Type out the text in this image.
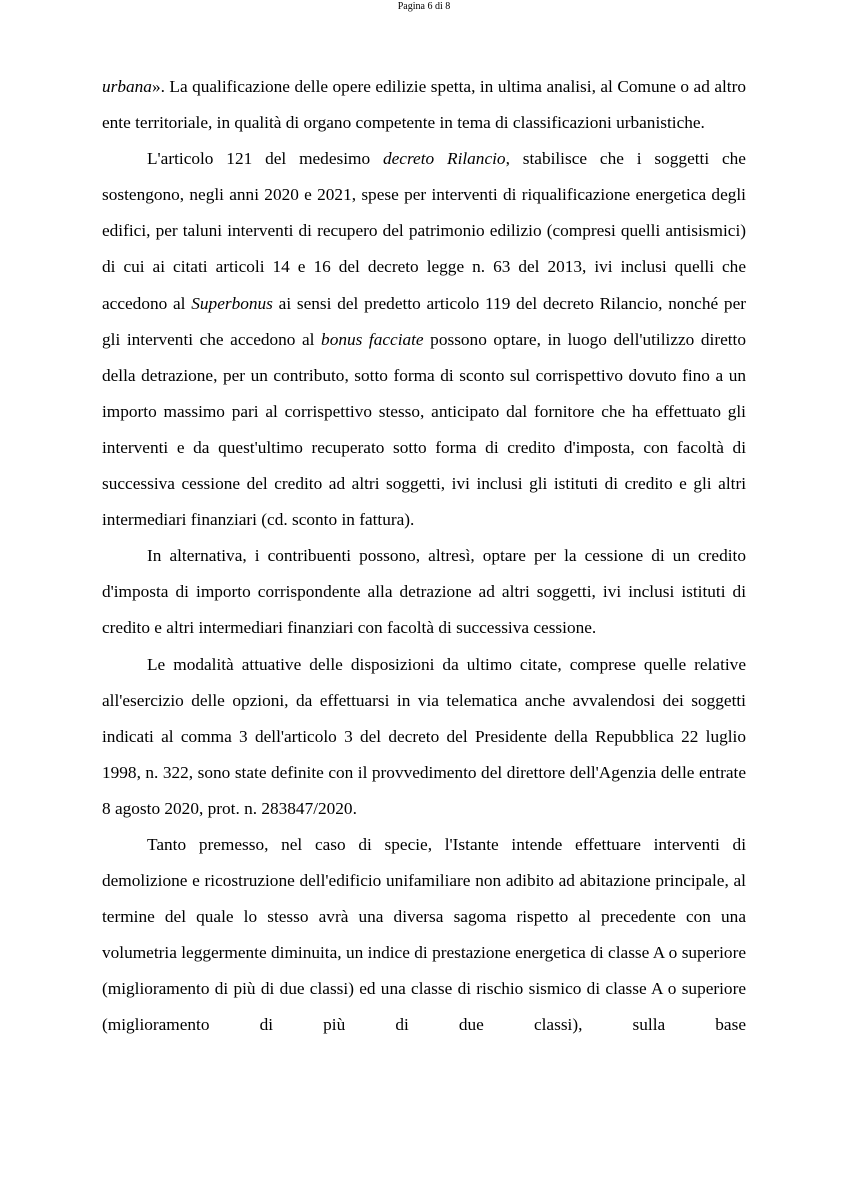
Pagina 6 di 8

urbana». La qualificazione delle opere edilizie spetta, in ultima analisi, al Comune o ad altro ente territoriale, in qualità di organo competente in tema di classificazioni urbanistiche.

L'articolo 121 del medesimo decreto Rilancio, stabilisce che i soggetti che sostengono, negli anni 2020 e 2021, spese per interventi di riqualificazione energetica degli edifici, per taluni interventi di recupero del patrimonio edilizio (compresi quelli antisismici) di cui ai citati articoli 14 e 16 del decreto legge n. 63 del 2013, ivi inclusi quelli che accedono al Superbonus ai sensi del predetto articolo 119 del decreto Rilancio, nonché per gli interventi che accedono al bonus facciate possono optare, in luogo dell'utilizzo diretto della detrazione, per un contributo, sotto forma di sconto sul corrispettivo dovuto fino a un importo massimo pari al corrispettivo stesso, anticipato dal fornitore che ha effettuato gli interventi e da quest'ultimo recuperato sotto forma di credito d'imposta, con facoltà di successiva cessione del credito ad altri soggetti, ivi inclusi gli istituti di credito e gli altri intermediari finanziari (cd. sconto in fattura).

In alternativa, i contribuenti possono, altresì, optare per la cessione di un credito d'imposta di importo corrispondente alla detrazione ad altri soggetti, ivi inclusi istituti di credito e altri intermediari finanziari con facoltà di successiva cessione.

Le modalità attuative delle disposizioni da ultimo citate, comprese quelle relative all'esercizio delle opzioni, da effettuarsi in via telematica anche avvalendosi dei soggetti indicati al comma 3 dell'articolo 3 del decreto del Presidente della Repubblica 22 luglio 1998, n. 322, sono state definite con il provvedimento del direttore dell'Agenzia delle entrate 8 agosto 2020, prot. n. 283847/2020.

Tanto premesso, nel caso di specie, l'Istante intende effettuare interventi di demolizione e ricostruzione dell'edificio unifamiliare non adibito ad abitazione principale, al termine del quale lo stesso avrà una diversa sagoma rispetto al precedente con una volumetria leggermente diminuita, un indice di prestazione energetica di classe A o superiore (miglioramento di più di due classi) ed una classe di rischio sismico di classe A o superiore (miglioramento di più di due classi), sulla base
